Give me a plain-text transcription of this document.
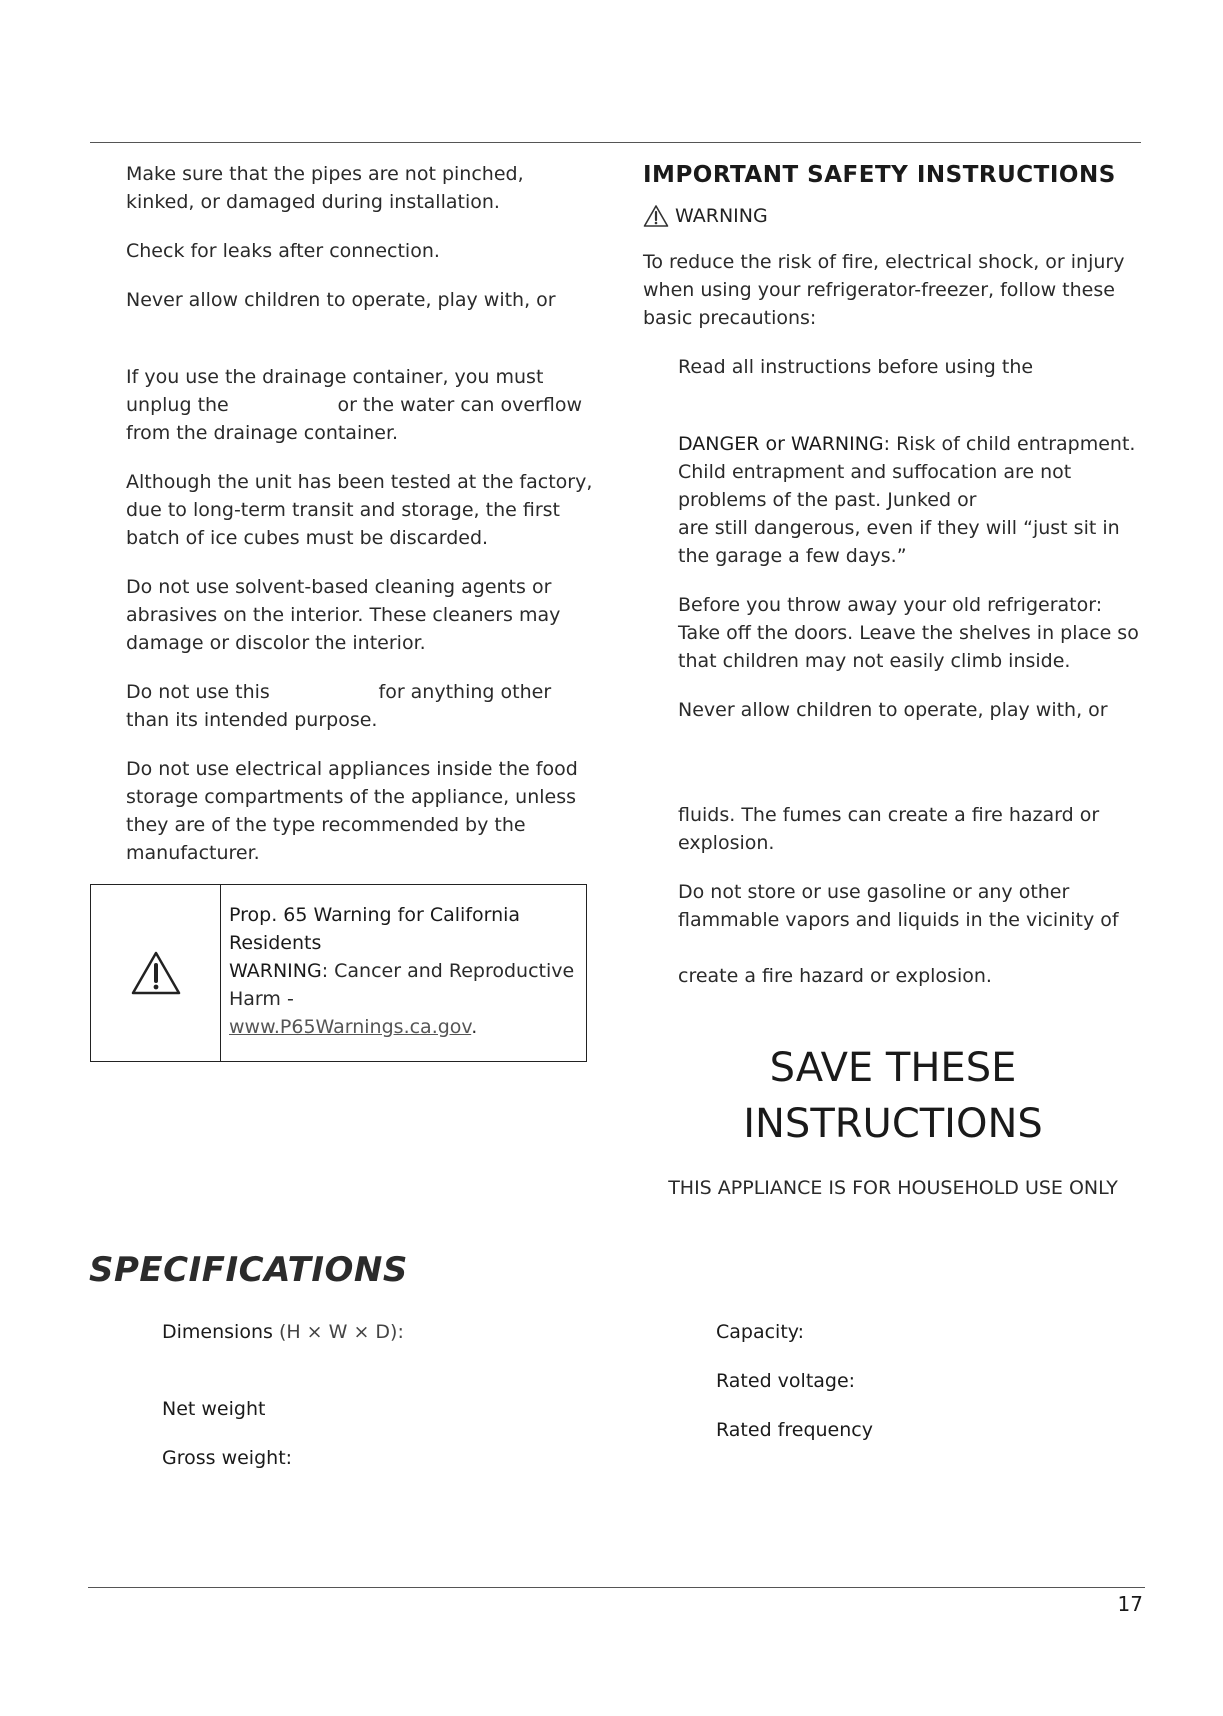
Make sure that the pipes are not pinched, kinked, or damaged during installation.

Check for leaks after connection.

Never allow children to operate, play with, or

If you use the drainage container, you must unplug the                  or the water can overflow from the drainage container.

Although the unit has been tested at the factory, due to long-term transit and storage, the first batch of ice cubes must be discarded.

Do not use solvent-based cleaning agents or abrasives on the interior. These cleaners may damage or discolor the interior.

Do not use this                  for anything other than its intended purpose.

Do not use electrical appliances inside the food storage compartments of the appliance, unless they are of the type recommended by the manufacturer.

Prop. 65 Warning for California Residents
WARNING: Cancer and Reproductive Harm -
www.P65Warnings.ca.gov.
IMPORTANT SAFETY INSTRUCTIONS
WARNING

To reduce the risk of fire, electrical shock, or injury when using your refrigerator-freezer, follow these basic precautions:

Read all instructions before using the

DANGER or WARNING: Risk of child entrapment. Child entrapment and suffocation are not problems of the past. Junked or                                  are still dangerous, even if they will “just sit in the garage a few days.”

Before you throw away your old refrigerator: Take off the doors. Leave the shelves in place so that children may not easily climb inside.

Never allow children to operate, play with, or

fluids. The fumes can create a fire hazard or explosion.

Do not store or use gasoline or any other flammable vapors and liquids in the vicinity of

create a fire hazard or explosion.

SAVE THESE
INSTRUCTIONS
THIS APPLIANCE IS FOR HOUSEHOLD USE ONLY
SPECIFICATIONS
Dimensions (H × W × D):
Net weight
Gross weight:
Capacity:
Rated voltage:
Rated frequency
17
